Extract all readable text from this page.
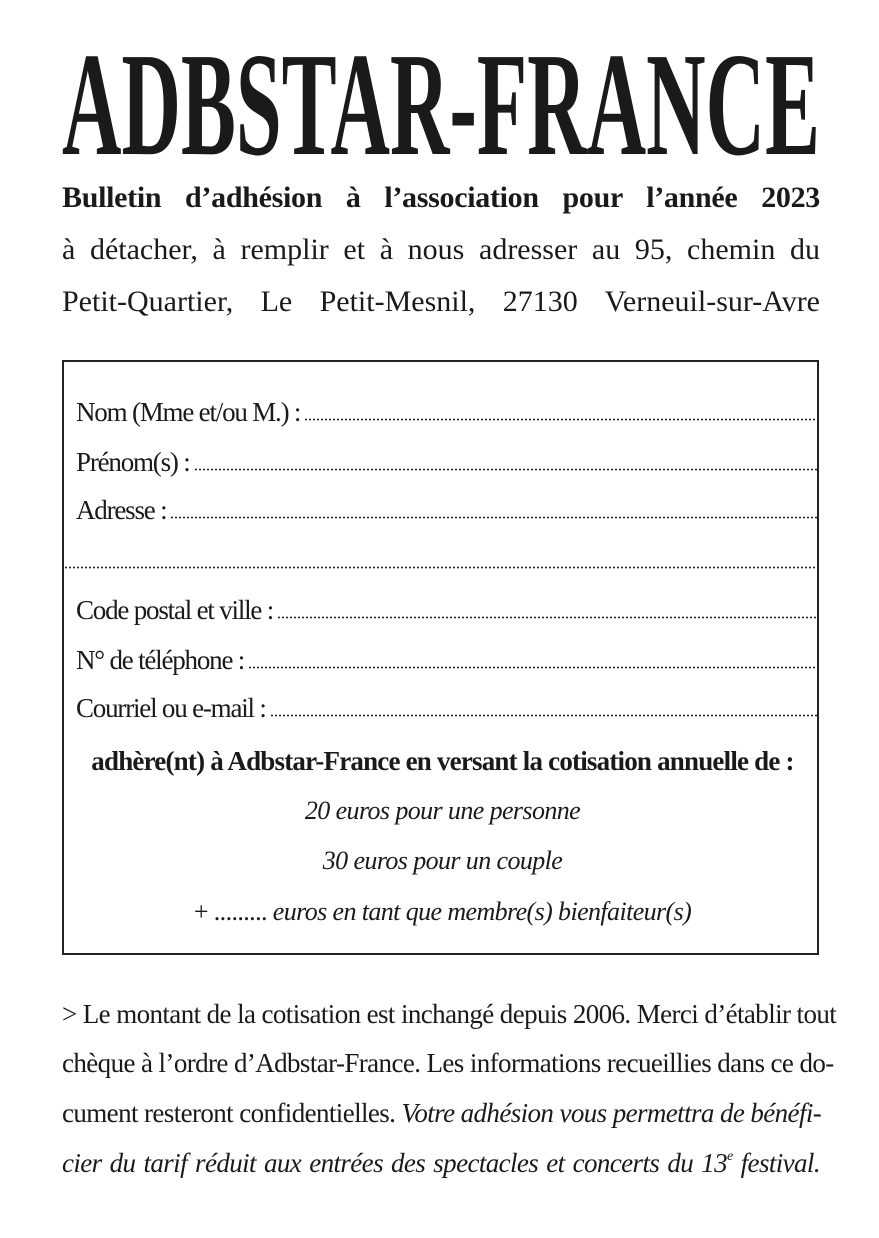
ADBSTAR-FRANCE
Bulletin d’adhésion à l’association pour l’année 2023
à détacher, à remplir et à nous adresser au 95, chemin du
Petit-Quartier, Le Petit-Mesnil, 27130 Verneuil-sur-Avre
Nom (Mme et/ou M.) :
Prénom(s) :
Adresse :
Code postal et ville :
N° de téléphone :
Courriel ou e-mail :
adhère(nt) à Adbstar-France en versant la cotisation annuelle de :
20 euros pour une personne
30 euros pour un couple
+ ......... euros en tant que membre(s) bienfaiteur(s)
> Le montant de la cotisation est inchangé depuis 2006. Merci d’établir tout
chèque à l’ordre d’Adbstar-France. Les informations recueillies dans ce do-
cument resteront confidentielles. Votre adhésion vous permettra de bénéfi-
cier du tarif réduit aux entrées des spectacles et concerts du 13e festival.
